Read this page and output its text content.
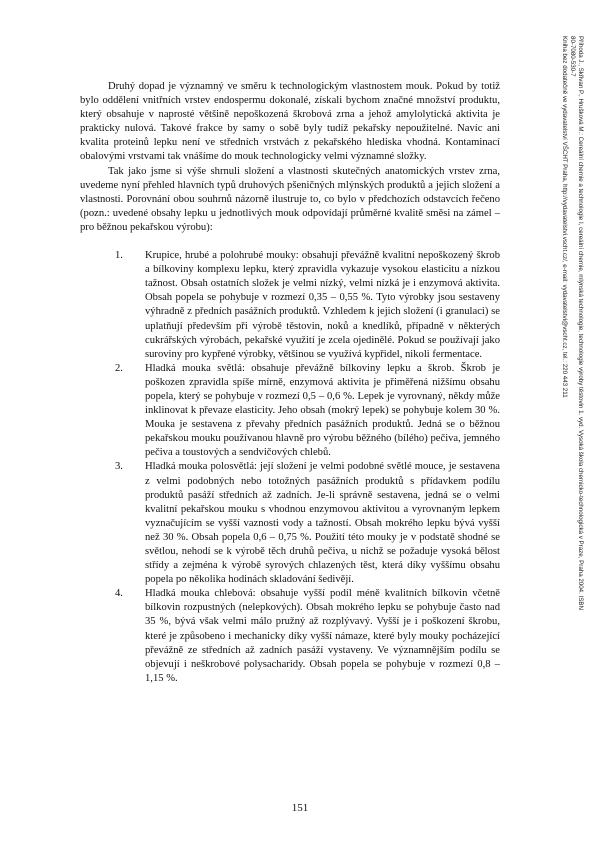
Druhý dopad je významný ve směru k technologickým vlastnostem mouk. Pokud by totiž bylo oddělení vnitřních vrstev endospermu dokonalé, získali bychom značné množství produktu, který obsahuje v naprosté většině nepoškozená škrobová zrna a jehož amylolytická aktivita je prakticky nulová. Takové frakce by samy o sobě byly tudíž pekařsky nepoužitelné. Navíc ani kvalita proteinů lepku není ve středních vrstvách z pekařského hlediska vhodná. Kontaminací obalovými vrstvami tak vnášíme do mouk technologicky velmi významné složky.

Tak jako jsme si výše shrnuli složení a vlastnosti skutečných anatomických vrstev zrna, uvedeme nyní přehled hlavních typů druhových pšeničných mlýnských produktů a jejich složení a vlastnosti. Porovnání obou souhrnů názorně ilustruje to, co bylo v předchozích odstavcích řečeno (pozn.: uvedené obsahy lepku u jednotlivých mouk odpovídají průměrné kvalitě směsi na zámel – pro běžnou pekařskou výrobu):

1.	Krupice, hrubé a polohrubé mouky: obsahují převážně kvalitní nepoškozený škrob a bílkoviny komplexu lepku, který zpravidla vykazuje vysokou elasticitu a nízkou tažnost. Obsah ostatních složek je velmi nízký, velmi nízká je i enzymová aktivita. Obsah popela se pohybuje v rozmezí 0,35 – 0,55 %. Tyto výrobky jsou sestaveny výhradně z předních pasážních produktů. Vzhledem k jejich složení (i granulaci) se uplatňují především při výrobě těstovin, noků a knedlíků, případně v některých cukrářských výrobách, pekařské využití je zcela ojedinělé. Pokud se používají jako suroviny pro kypřené výrobky, většinou se využívá kypřidel, nikoli fermentace.
2.	Hladká mouka světlá: obsahuje převážně bílkoviny lepku a škrob. Škrob je poškozen zpravidla spíše mírně, enzymová aktivita je přiměřená nižšímu obsahu popela, který se pohybuje v rozmezí 0,5 – 0,6 %. Lepek je vyrovnaný, někdy může inklinovat k převaze elasticity. Jeho obsah (mokrý lepek) se pohybuje kolem 30 %. Mouka je sestavena z převahy předních pasážních produktů. Jedná se o běžnou pekařskou mouku používanou hlavně pro výrobu běžného (bílého) pečiva, jemného pečiva a toustových a sendvičových chlebů.
3.	Hladká mouka polosvětlá: její složení je velmi podobné světlé mouce, je sestavena z velmi podobných nebo totožných pasážních produktů s přídavkem podílu produktů pasáží středních až zadních. Je-li správně sestavena, jedná se o velmi kvalitní pekařskou mouku s vhodnou enzymovou aktivitou a vyrovnaným lepkem vyznačujícím se vyšší vaznosti vody a tažností. Obsah mokrého lepku bývá vyšší než 30 %. Obsah popela 0,6 – 0,75 %. Použití této mouky je v podstatě shodné se světlou, nehodí se k výrobě těch druhů pečiva, u nichž se požaduje vysoká bělost střídy a zejména k výrobě syrových chlazených těst, která díky vyššímu obsahu popela po několika hodinách skladování šedivějí.
4.	Hladká mouka chlebová: obsahuje vyšší podíl méně kvalitních bílkovin včetně bílkovin rozpustných (nelepkových). Obsah mokrého lepku se pohybuje často nad 35 %, bývá však velmi málo pružný až rozplývavý. Vyšší je i poškození škrobu, které je způsobeno i mechanicky díky vyšší námaze, které byly mouky pocházející převážně ze středních až zadních pasáží vystaveny. Ve významnějším podílu se objevují i neškrobové polysacharidy. Obsah popela se pohybuje v rozmezí 0,8 – 1,15 %.
151
Příhoda J., Skřivan P., Hrušková M.: Cereální chemie a technologie I, cereální chemie, mlýnská technologie, technologie výroby těstovin 1. vyd. Vysoká škola chemicko-technologická v Praze, Praha 2004. ISBN
80-7080-530-7
Kniha bez dodatečně ve vydavatelství VŠCHT Praha, http://vydavatelstvi.vscht.cz/, e-mail: vydavatelstvi@vscht.cz, tel.: 220 443 211
